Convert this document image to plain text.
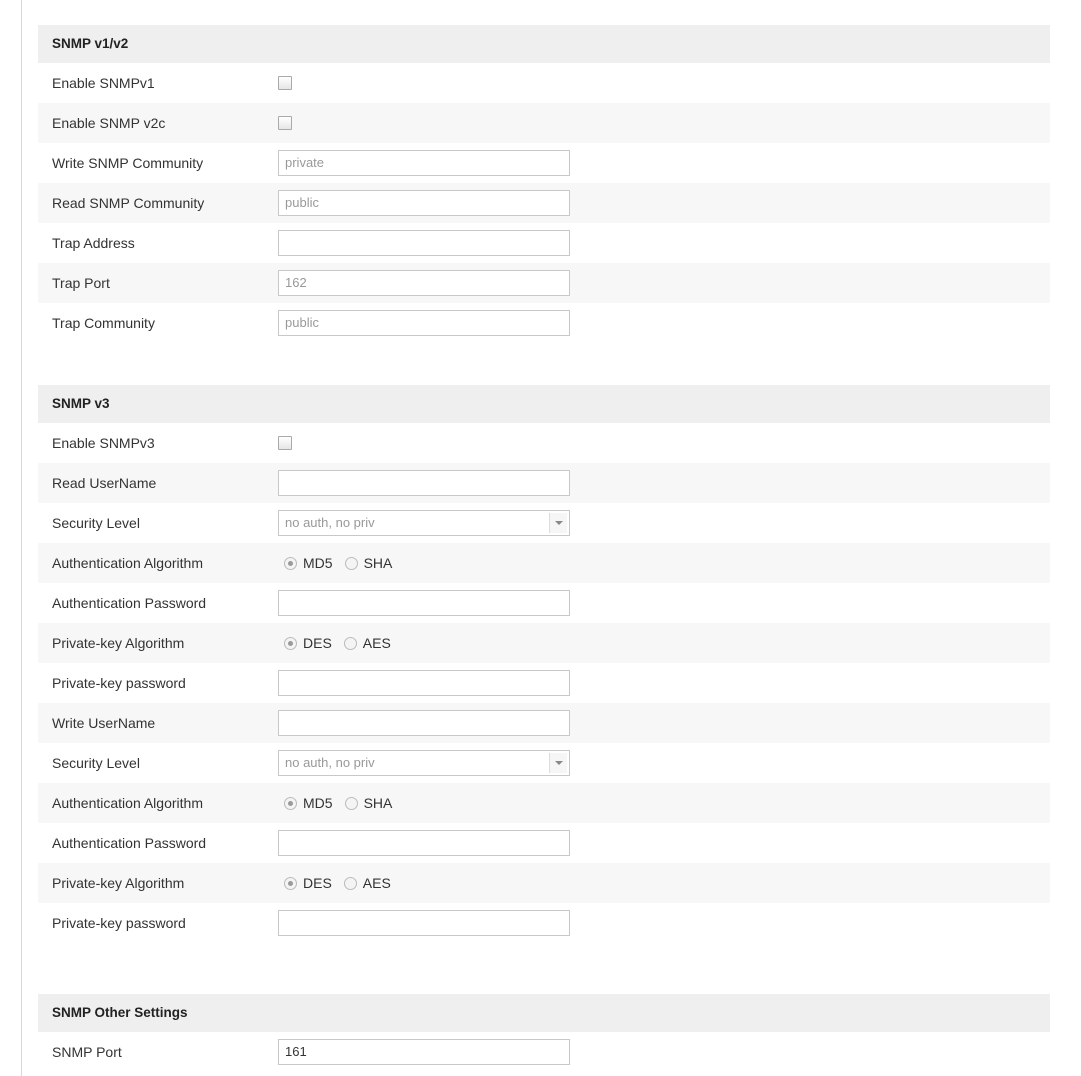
SNMP v1/v2
Enable SNMPv1
Enable SNMP v2c
Write SNMP Community	private
Read SNMP Community	public
Trap Address
Trap Port	162
Trap Community	public
SNMP v3
Enable SNMPv3
Read UserName
Security Level	no auth, no priv
Authentication Algorithm	MD5 SHA
Authentication Password
Private-key Algorithm	DES AES
Private-key password
Write UserName
Security Level	no auth, no priv
Authentication Algorithm	MD5 SHA
Authentication Password
Private-key Algorithm	DES AES
Private-key password
SNMP Other Settings
SNMP Port	161
